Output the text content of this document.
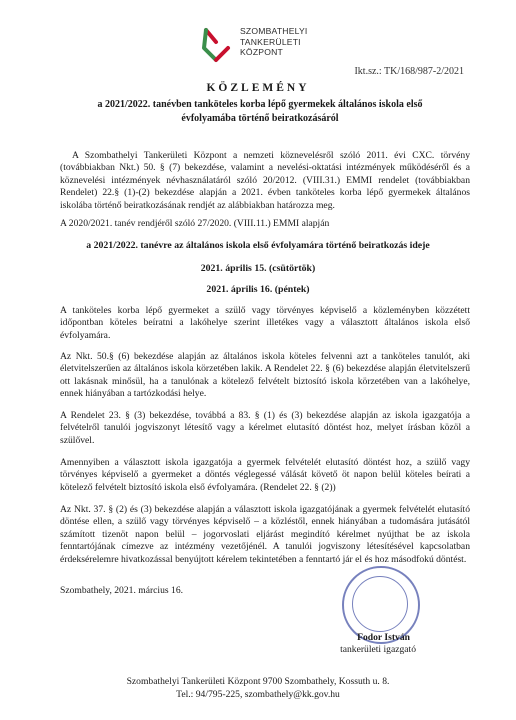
SZOMBATHELYI
TANKERÜLETI
KÖZPONT
Ikt.sz.: TK/168/987-2/2021
KÖZLEMÉNY
a 2021/2022. tanévben tanköteles korba lépő gyermekek általános iskola első
évfolyamába történő beiratkozásáról
A Szombathelyi Tankerületi Központ a nemzeti köznevelésről szóló 2011. évi CXC. törvény (továbbiakban Nkt.) 50. § (7) bekezdése, valamint a nevelési-oktatási intézmények működéséről és a köznevelési intézmények névhasználatáról szóló 20/2012. (VIII.31.) EMMI rendelet (továbbiakban Rendelet) 22.§ (1)-(2) bekezdése alapján a 2021. évben tanköteles korba lépő gyermekek általános iskolába történő beiratkozásának rendjét az alábbiakban határozza meg.
A 2020/2021. tanév rendjéről szóló 27/2020. (VIII.11.) EMMI alapján
a 2021/2022. tanévre az általános iskola első évfolyamára történő beiratkozás ideje
2021. április 15. (csütörtök)
2021. április 16. (péntek)
A tanköteles korba lépő gyermeket a szülő vagy törvényes képviselő a közleményben közzétett időpontban köteles beíratni a lakóhelye szerint illetékes vagy a választott általános iskola első évfolyamára.
Az Nkt. 50.§ (6) bekezdése alapján az általános iskola köteles felvenni azt a tanköteles tanulót, aki életvitelszerűen az általános iskola körzetében lakik. A Rendelet 22. § (6) bekezdése alapján életvitelszerű ott lakásnak minősül, ha a tanulónak a kötelező felvételt biztosító iskola körzetében van a lakóhelye, ennek hiányában a tartózkodási helye.
A Rendelet 23. § (3) bekezdése, továbbá a 83. § (1) és (3) bekezdése alapján az iskola igazgatója a felvételről tanulói jogviszonyt létesítő vagy a kérelmet elutasító döntést hoz, melyet írásban közöl a szülővel.
Amennyiben a választott iskola igazgatója a gyermek felvételét elutasító döntést hoz, a szülő vagy törvényes képviselő a gyermeket a döntés véglegessé válását követő öt napon belül köteles beírati a kötelező felvételt biztosító iskola első évfolyamára. (Rendelet 22. § (2))
Az Nkt. 37. § (2) és (3) bekezdése alapján a választott iskola igazgatójának a gyermek felvételét elutasító döntése ellen, a szülő vagy törvényes képviselő – a közléstől, ennek hiányában a tudomására jutásától számított tizenöt napon belül – jogorvoslati eljárást megindító kérelmet nyújthat be az iskola fenntartójának címezve az intézmény vezetőjénél. A tanulói jogviszony létesítésével kapcsolatban érdeksérelemre hivatkozással benyújtott kérelem tekintetében a fenntartó jár el és hoz másodfokú döntést.
Szombathely, 2021. március 16.
Fodor István
tankerületi igazgató
Szombathelyi Tankerületi Központ 9700 Szombathely, Kossuth u. 8.
Tel.: 94/795-225, szombathely@kk.gov.hu
